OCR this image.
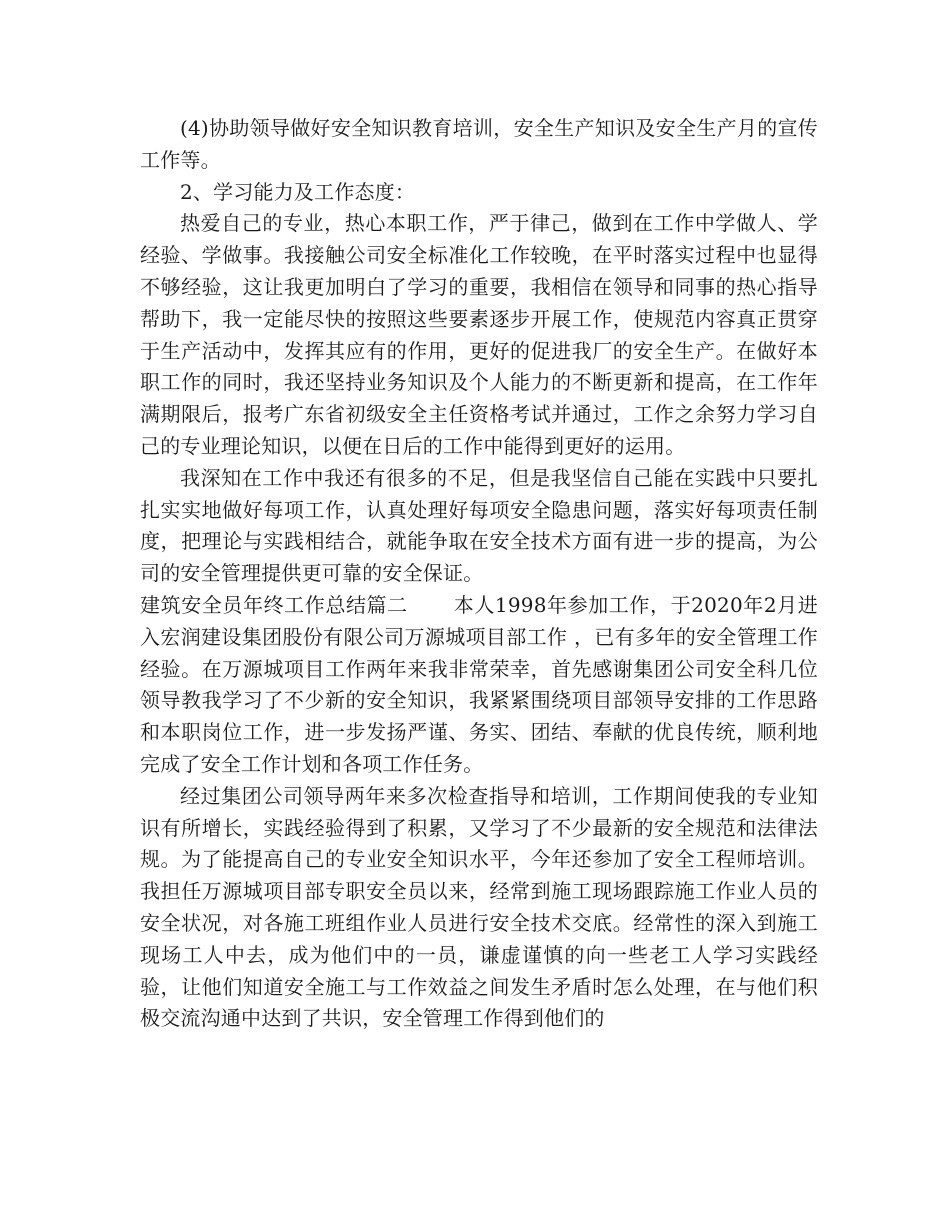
(4)协助领导做好安全知识教育培训，安全生产知识及安全生产月的宣传工作等。

2、学习能力及工作态度：

热爱自己的专业，热心本职工作，严于律己，做到在工作中学做人、学经验、学做事。我接触公司安全标准化工作较晚，在平时落实过程中也显得不够经验，这让我更加明白了学习的重要，我相信在领导和同事的热心指导帮助下，我一定能尽快的按照这些要素逐步开展工作，使规范内容真正贯穿于生产活动中，发挥其应有的作用，更好的促进我厂的安全生产。在做好本职工作的同时，我还坚持业务知识及个人能力的不断更新和提高，在工作年满期限后，报考广东省初级安全主任资格考试并通过，工作之余努力学习自己的专业理论知识，以便在日后的工作中能得到更好的运用。

我深知在工作中我还有很多的不足，但是我坚信自己能在实践中只要扎扎实实地做好每项工作，认真处理好每项安全隐患问题，落实好每项责任制度，把理论与实践相结合，就能争取在安全技术方面有进一步的提高，为公司的安全管理提供更可靠的安全保证。

建筑安全员年终工作总结篇二 本人1998年参加工作，于2020年2月进入宏润建设集团股份有限公司万源城项目部工作 ，已有多年的安全管理工作经验。在万源城项目工作两年来我非常荣幸，首先感谢集团公司安全科几位领导教我学习了不少新的安全知识，我紧紧围绕项目部领导安排的工作思路和本职岗位工作，进一步发扬严谨、务实、团结、奉献的优良传统，顺利地完成了安全工作计划和各项工作任务。

经过集团公司领导两年来多次检查指导和培训，工作期间使我的专业知识有所增长，实践经验得到了积累，又学习了不少最新的安全规范和法律法规。为了能提高自己的专业安全知识水平，今年还参加了安全工程师培训。我担任万源城项目部专职安全员以来，经常到施工现场跟踪施工作业人员的安全状况，对各施工班组作业人员进行安全技术交底。经常性的深入到施工现场工人中去，成为他们中的一员，谦虚谨慎的向一些老工人学习实践经验，让他们知道安全施工与工作效益之间发生矛盾时怎么处理，在与他们积极交流沟通中达到了共识，安全管理工作得到他们的
